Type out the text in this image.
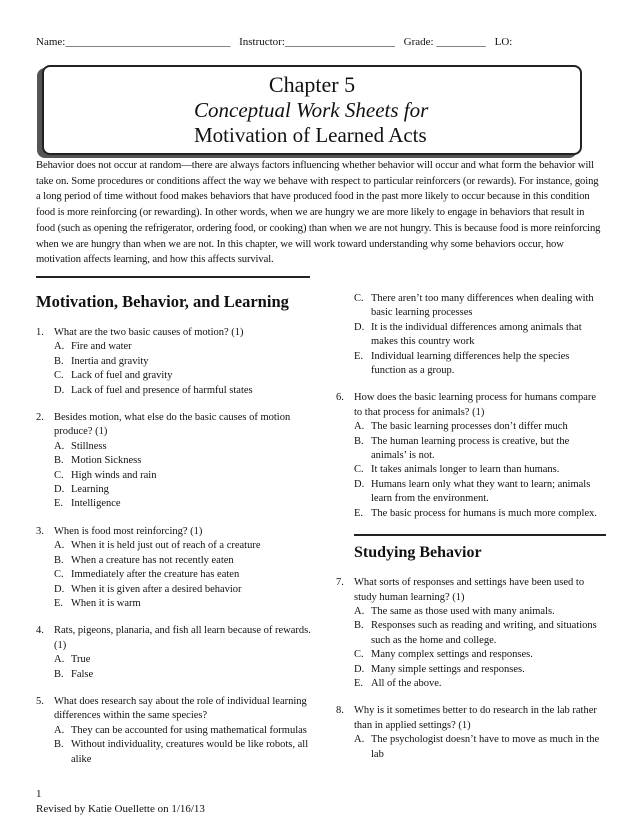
Name:______________________________ Instructor:____________________ Grade: _________ LO:
Chapter 5
Conceptual Work Sheets for
Motivation of Learned Acts
Behavior does not occur at random—there are always factors influencing whether behavior will occur and what form the behavior will take on. Some procedures or conditions affect the way we behave with respect to particular reinforcers (or rewards). For instance, going a long period of time without food makes behaviors that have produced food in the past more likely to occur because in this condition food is more reinforcing (or rewarding). In other words, when we are hungry we are more likely to engage in behaviors that result in food (such as opening the refrigerator, ordering food, or cooking) than when we are not hungry. This is because food is more reinforcing when we are hungry than when we are not. In this chapter, we will work toward understanding why some behaviors occur, how motivation affects learning, and how this affects survival.
Motivation, Behavior, and Learning
1. What are the two basic causes of motion? (1)
A. Fire and water
B. Inertia and gravity
C. Lack of fuel and gravity
D. Lack of fuel and presence of harmful states
2. Besides motion, what else do the basic causes of motion produce? (1)
A. Stillness
B. Motion Sickness
C. High winds and rain
D. Learning
E. Intelligence
3. When is food most reinforcing? (1)
A. When it is held just out of reach of a creature
B. When a creature has not recently eaten
C. Immediately after the creature has eaten
D. When it is given after a desired behavior
E. When it is warm
4. Rats, pigeons, planaria, and fish all learn because of rewards. (1)
A. True
B. False
5. What does research say about the role of individual learning differences within the same species?
A. They can be accounted for using mathematical formulas
B. Without individuality, creatures would be like robots, all alike
C. There aren’t too many differences when dealing with basic learning processes
D. It is the individual differences among animals that makes this country work
E. Individual learning differences help the species function as a group.
6. How does the basic learning process for humans compare to that process for animals? (1)
A. The basic learning processes don’t differ much
B. The human learning process is creative, but the animals’ is not.
C. It takes animals longer to learn than humans.
D. Humans learn only what they want to learn; animals learn from the environment.
E. The basic process for humans is much more complex.
Studying Behavior
7. What sorts of responses and settings have been used to study human learning? (1)
A. The same as those used with many animals.
B. Responses such as reading and writing, and situations such as the home and college.
C. Many complex settings and responses.
D. Many simple settings and responses.
E. All of the above.
8. Why is it sometimes better to do research in the lab rather than in applied settings? (1)
A. The psychologist doesn’t have to move as much in the lab
1
Revised by Katie Ouellette on 1/16/13
